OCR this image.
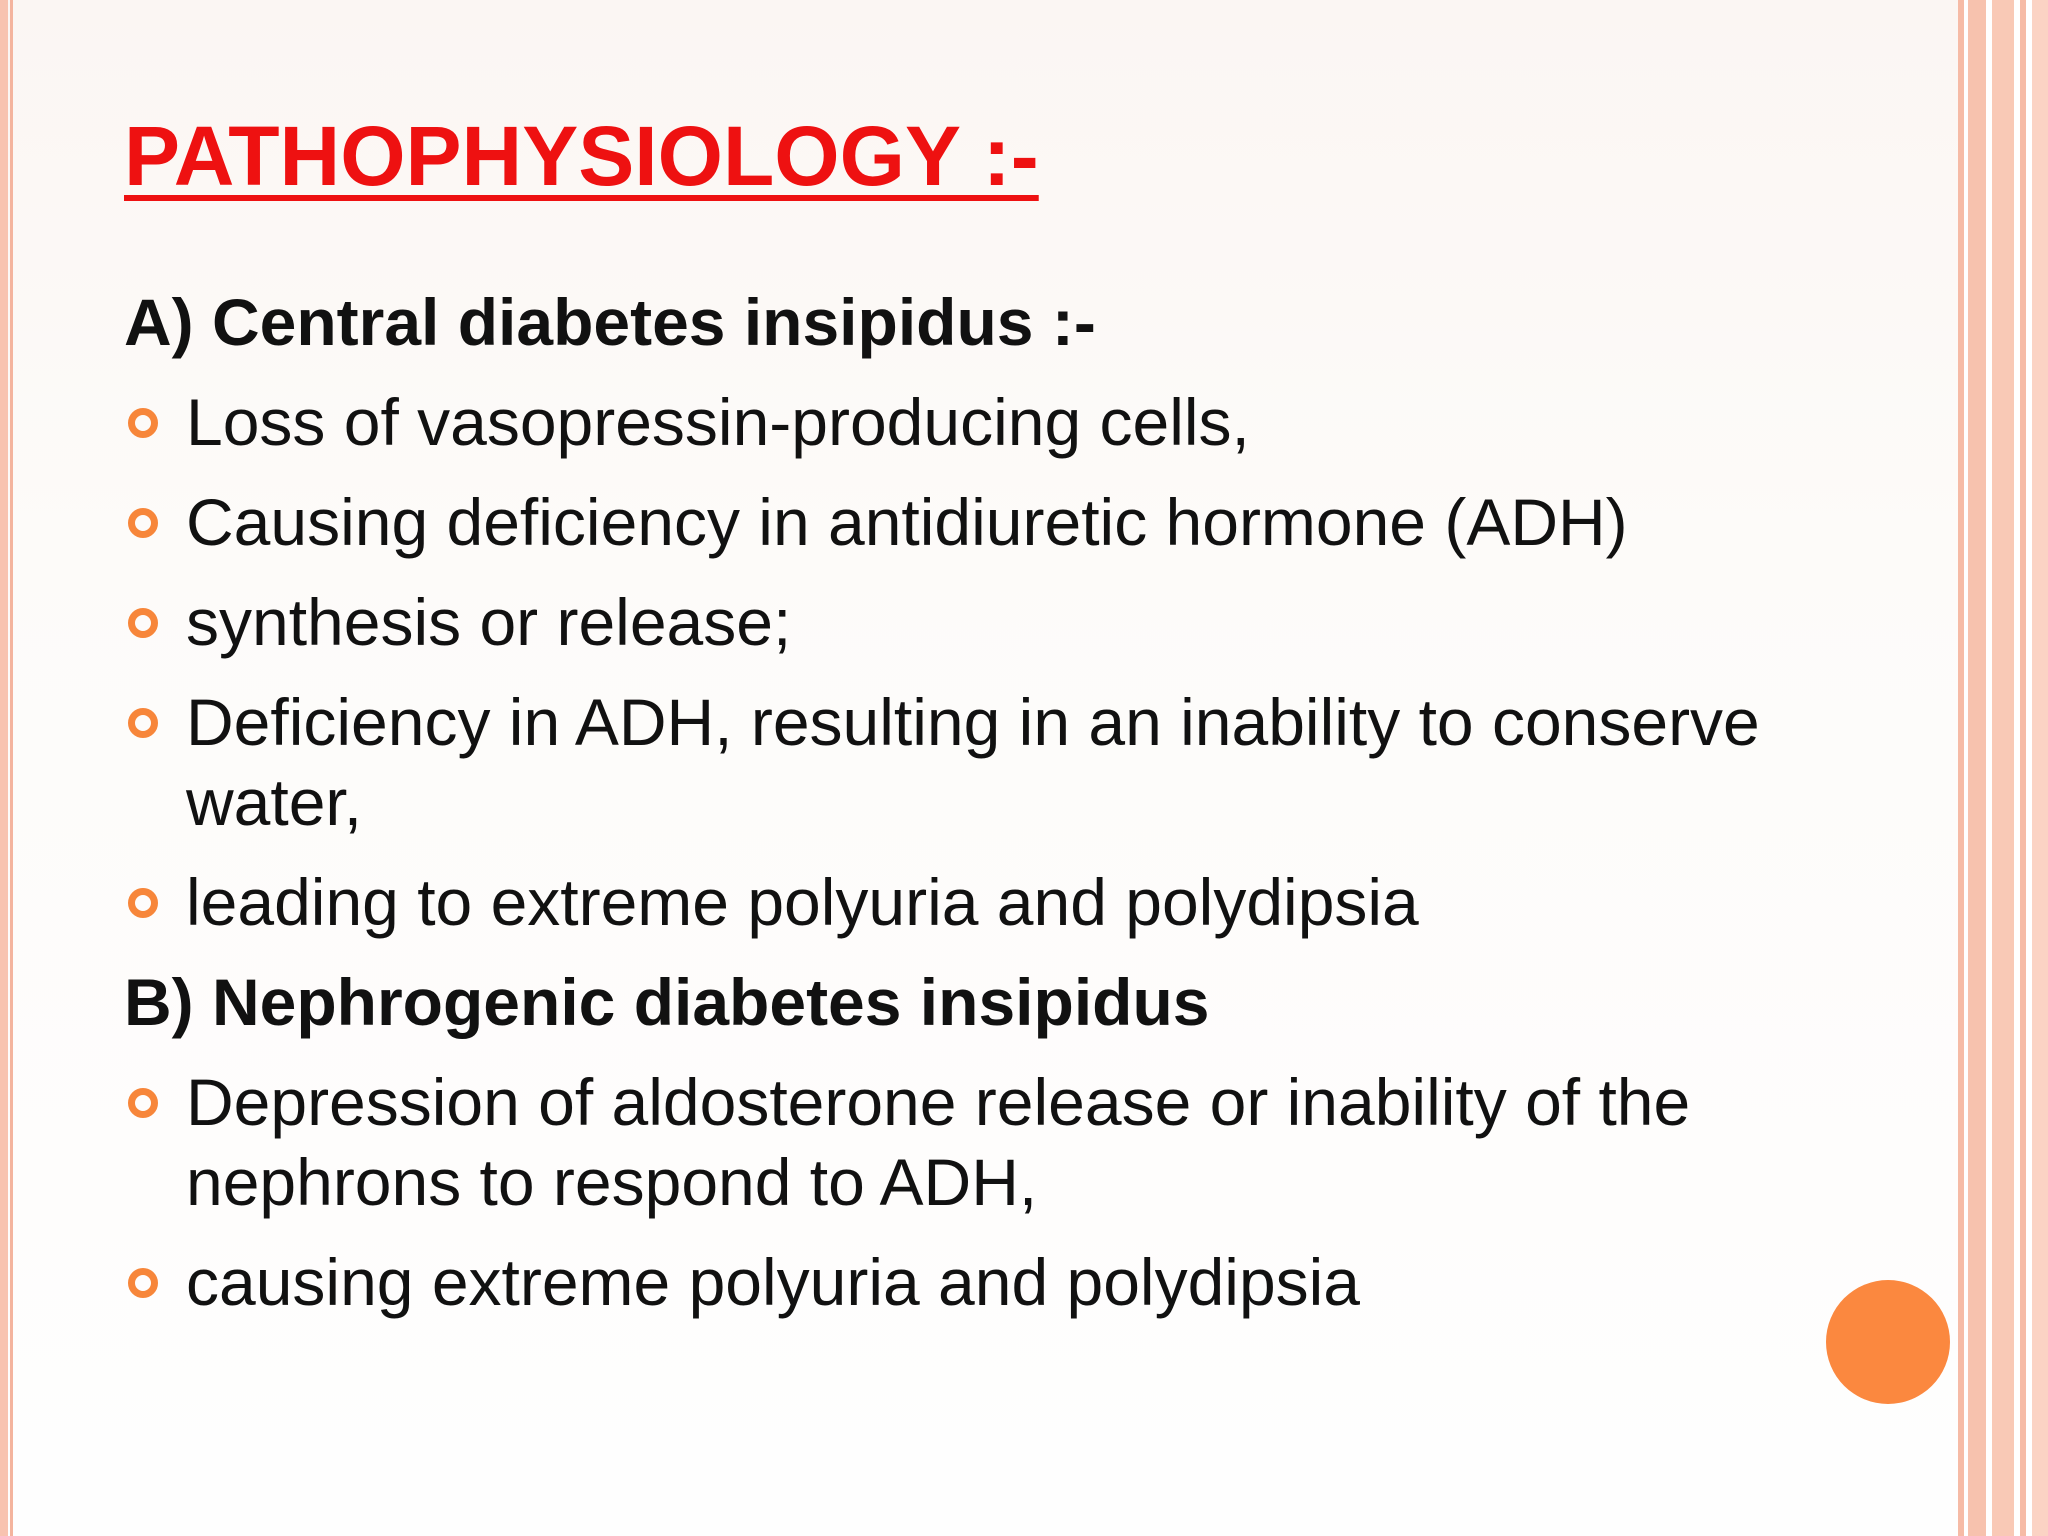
PATHOPHYSIOLOGY :-
A) Central diabetes insipidus :-
Loss of vasopressin-producing cells,
Causing deficiency in antidiuretic hormone (ADH)
synthesis or release;
Deficiency in ADH, resulting in an inability to conserve water,
leading to extreme polyuria and polydipsia
B) Nephrogenic diabetes insipidus
Depression of aldosterone release or inability of the nephrons to respond to ADH,
causing extreme polyuria and polydipsia
